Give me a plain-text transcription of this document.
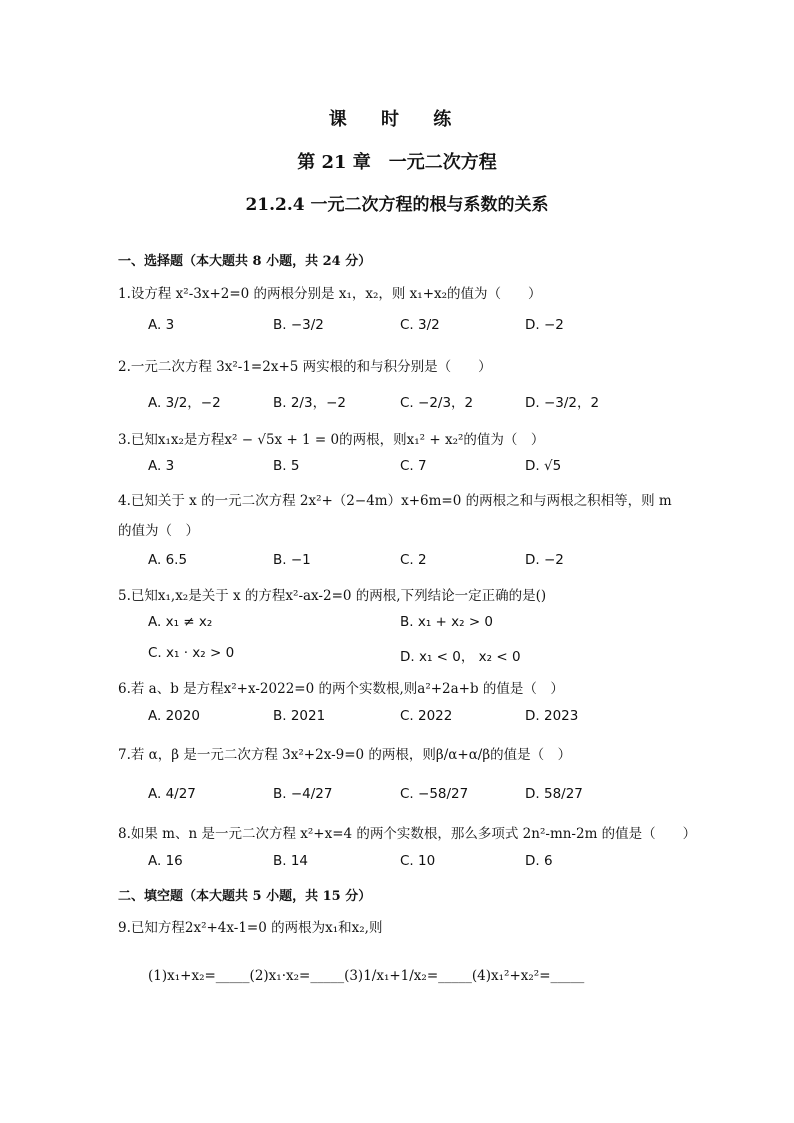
课 时 练
第 21 章　一元二次方程
21.2.4 一元二次方程的根与系数的关系
一、选择题（本大题共 8 小题，共 24 分）
1.设方程 x²-3x+2=0 的两根分别是 x₁，x₂，则 x₁+x₂的值为（　　）
A. 3	B. −3/2	C. 3/2	D. −2
2.一元二次方程 3x²-1=2x+5 两实根的和与积分别是（　　）
A. 3/2，−2	B. 2/3，−2	C. −2/3，2	D. −3/2，2
3.已知x₁x₂是方程x² − √5x + 1 = 0的两根，则x₁² + x₂²的值为（　）
A. 3	B. 5	C. 7	D. √5
4.已知关于 x 的一元二次方程 2x²+（2−4m）x+6m=0 的两根之和与两根之积相等，则 m
的值为（　）
A. 6.5	B. −1	C. 2	D. −2
5.已知x₁,x₂是关于 x 的方程x²-ax-2=0 的两根,下列结论一定正确的是()
A. x₁ ≠ x₂	B. x₁ + x₂ > 0
C. x₁ · x₂ > 0	D. x₁ < 0， x₂ < 0
6.若 a、b 是方程x²+x-2022=0 的两个实数根,则a²+2a+b 的值是（　）
A. 2020	B. 2021	C. 2022	D. 2023
7.若 α，β 是一元二次方程 3x²+2x-9=0 的两根，则β/α+α/β的值是（　）
A. 4/27	B. −4/27	C. −58/27	D. 58/27
8.如果 m、n 是一元二次方程 x²+x=4 的两个实数根，那么多项式 2n²-mn-2m 的值是（　　）
A. 16	B. 14	C. 10	D. 6
二、填空题（本大题共 5 小题，共 15 分）
9.已知方程2x²+4x-1=0 的两根为x₁和x₂,则
(1)x₁+x₂=_____(2)x₁·x₂=_____(3)1/x₁+1/x₂=_____(4)x₁²+x₂²=_____
